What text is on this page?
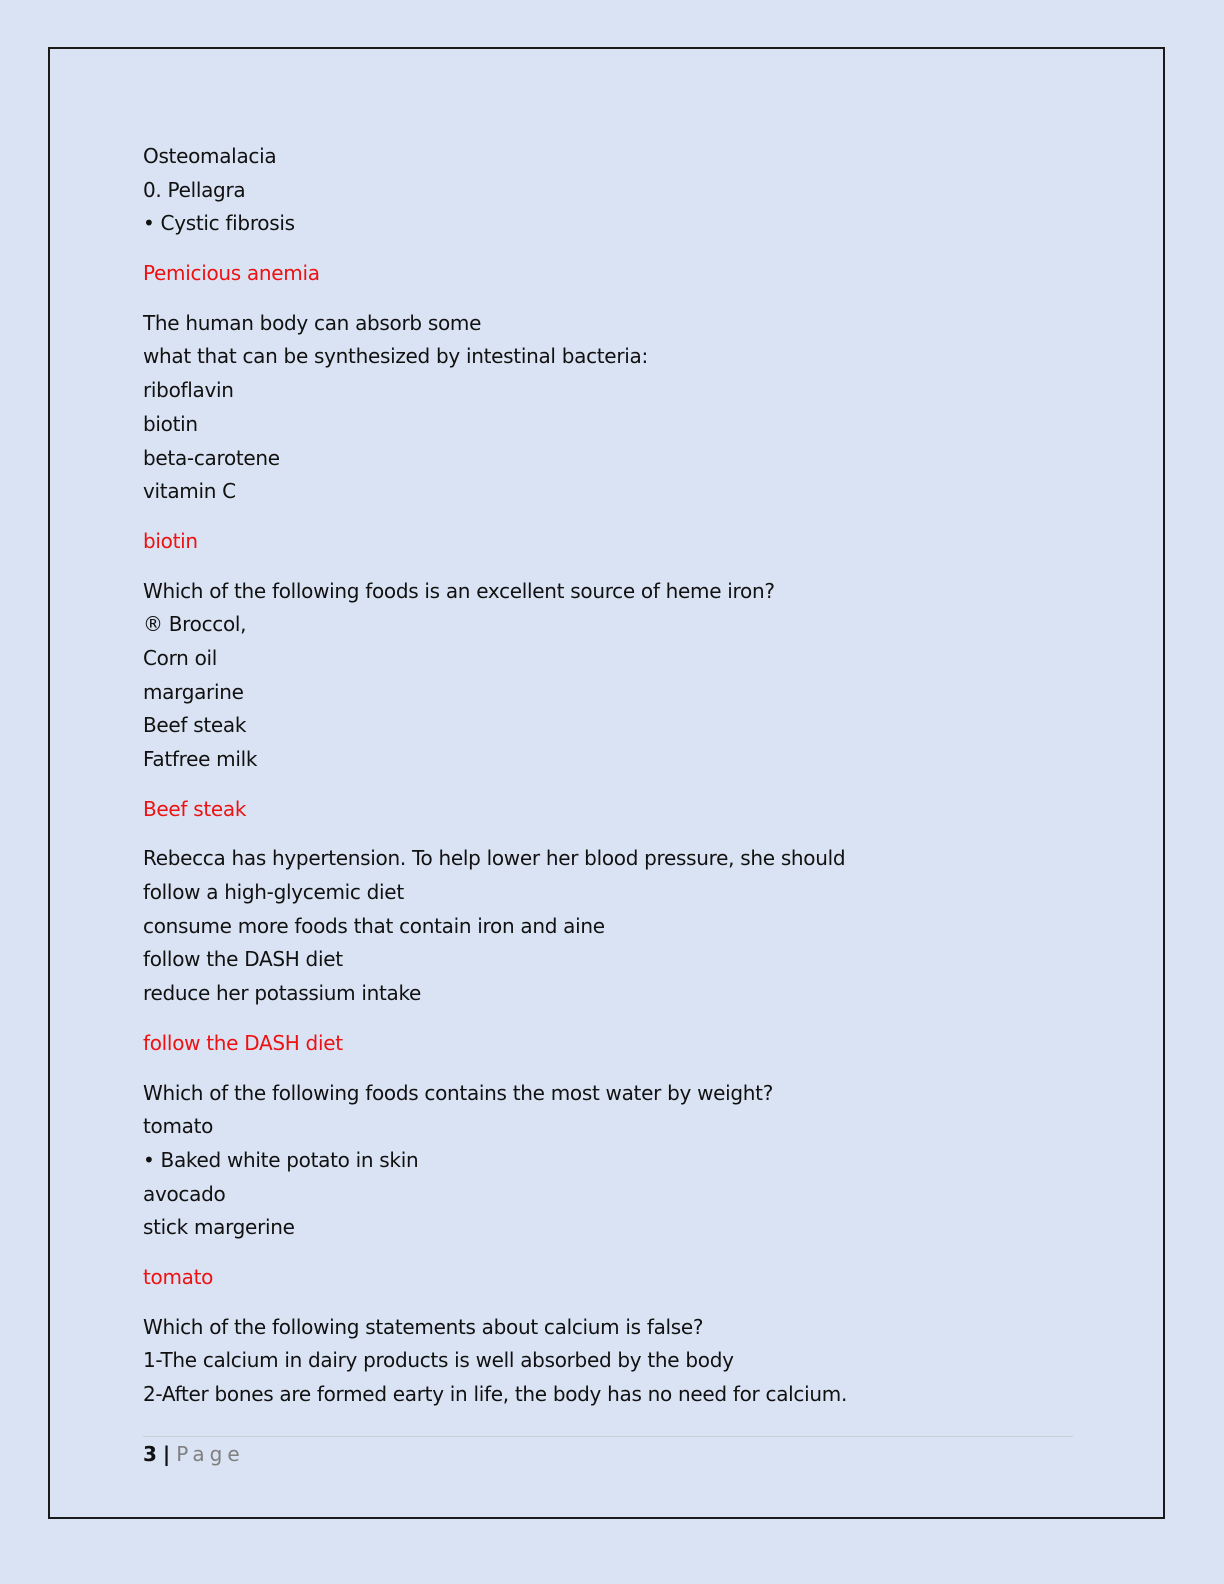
Osteomalacia
0. Pellagra
• Cystic fibrosis
Pemicious anemia
The human body can absorb some
what that can be synthesized by intestinal bacteria:
riboflavin
biotin
beta-carotene
vitamin C
biotin
Which of the following foods is an excellent source of heme iron?
® Broccol,
Corn oil
margarine
Beef steak
Fatfree milk
Beef steak
Rebecca has hypertension. To help lower her blood pressure, she should
follow a high-glycemic diet
consume more foods that contain iron and aine
follow the DASH diet
reduce her potassium intake
follow the DASH diet
Which of the following foods contains the most water by weight?
tomato
• Baked white potato in skin
avocado
stick margerine
tomato
Which of the following statements about calcium is false?
1-The calcium in dairy products is well absorbed by the body
2-After bones are formed earty in life, the body has no need for calcium.
3 | Page
